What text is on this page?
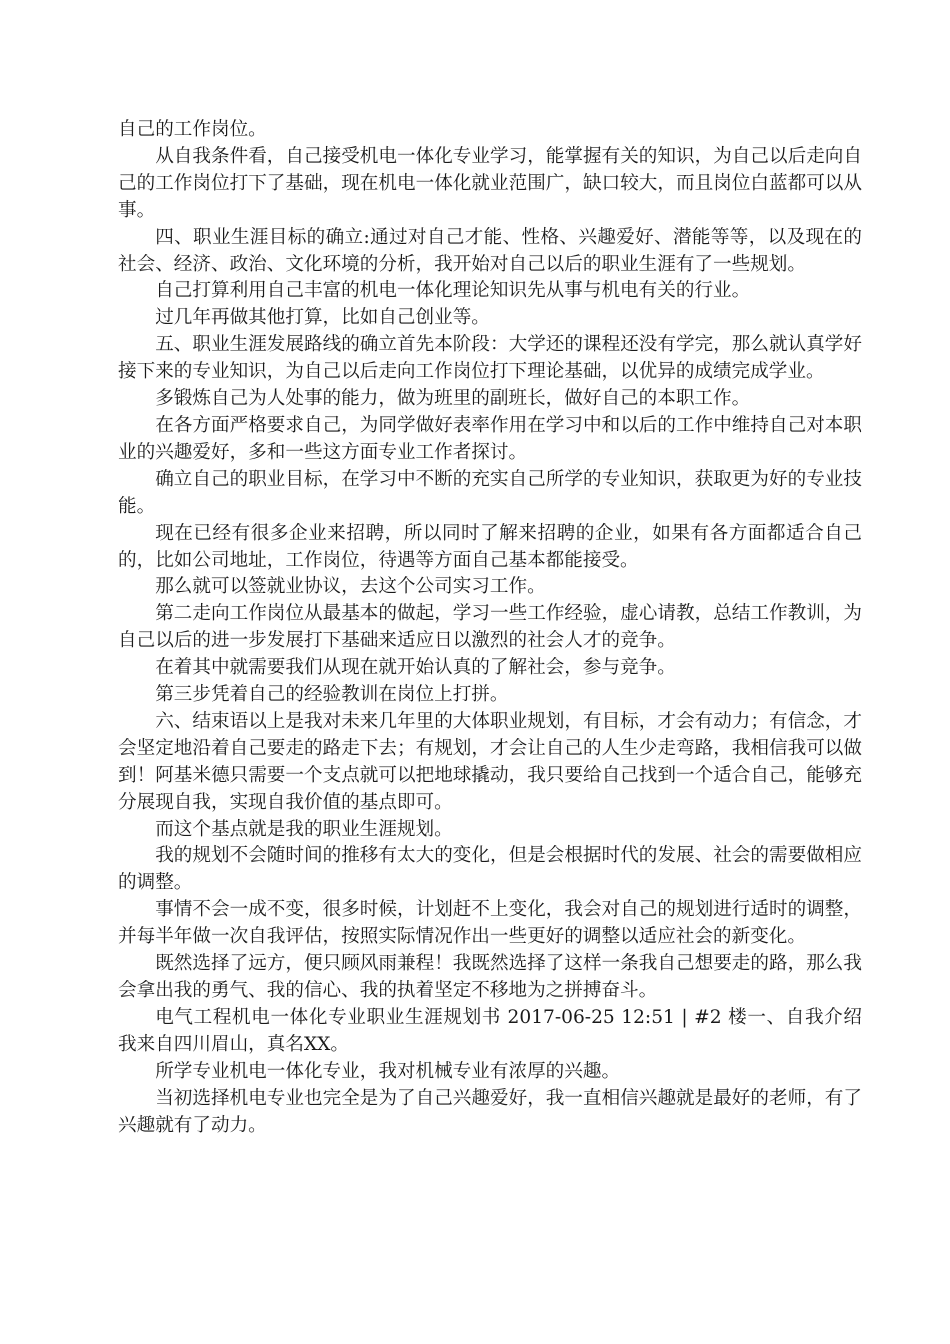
自己的工作岗位。

从自我条件看，自己接受机电一体化专业学习，能掌握有关的知识，为自己以后走向自己的工作岗位打下了基础，现在机电一体化就业范围广，缺口较大，而且岗位白蓝都可以从事。

四、职业生涯目标的确立:通过对自己才能、性格、兴趣爱好、潜能等等，以及现在的社会、经济、政治、文化环境的分析，我开始对自己以后的职业生涯有了一些规划。

自己打算利用自己丰富的机电一体化理论知识先从事与机电有关的行业。

过几年再做其他打算，比如自己创业等。

五、职业生涯发展路线的确立首先本阶段：大学还的课程还没有学完，那么就认真学好接下来的专业知识，为自己以后走向工作岗位打下理论基础，以优异的成绩完成学业。

多锻炼自己为人处事的能力，做为班里的副班长，做好自己的本职工作。

在各方面严格要求自己，为同学做好表率作用在学习中和以后的工作中维持自己对本职业的兴趣爱好，多和一些这方面专业工作者探讨。

确立自己的职业目标，在学习中不断的充实自己所学的专业知识，获取更为好的专业技能。

现在已经有很多企业来招聘，所以同时了解来招聘的企业，如果有各方面都适合自己的，比如公司地址，工作岗位，待遇等方面自己基本都能接受。

那么就可以签就业协议，去这个公司实习工作。

第二走向工作岗位从最基本的做起，学习一些工作经验，虚心请教，总结工作教训，为自己以后的进一步发展打下基础来适应日以激烈的社会人才的竞争。

在着其中就需要我们从现在就开始认真的了解社会，参与竞争。

第三步凭着自己的经验教训在岗位上打拼。

六、结束语以上是我对未来几年里的大体职业规划，有目标，才会有动力；有信念，才会坚定地沿着自己要走的路走下去；有规划，才会让自己的人生少走弯路，我相信我可以做到！阿基米德只需要一个支点就可以把地球撬动，我只要给自己找到一个适合自己，能够充分展现自我，实现自我价值的基点即可。

而这个基点就是我的职业生涯规划。

我的规划不会随时间的推移有太大的变化，但是会根据时代的发展、社会的需要做相应的调整。

事情不会一成不变，很多时候，计划赶不上变化，我会对自己的规划进行适时的调整，并每半年做一次自我评估，按照实际情况作出一些更好的调整以适应社会的新变化。

既然选择了远方，便只顾风雨兼程！我既然选择了这样一条我自己想要走的路，那么我会拿出我的勇气、我的信心、我的执着坚定不移地为之拼搏奋斗。

电气工程机电一体化专业职业生涯规划书 2017-06-25 12:51 | #2 楼一、自我介绍我来自四川眉山，真名XX。

所学专业机电一体化专业，我对机械专业有浓厚的兴趣。

当初选择机电专业也完全是为了自己兴趣爱好，我一直相信兴趣就是最好的老师，有了兴趣就有了动力。
